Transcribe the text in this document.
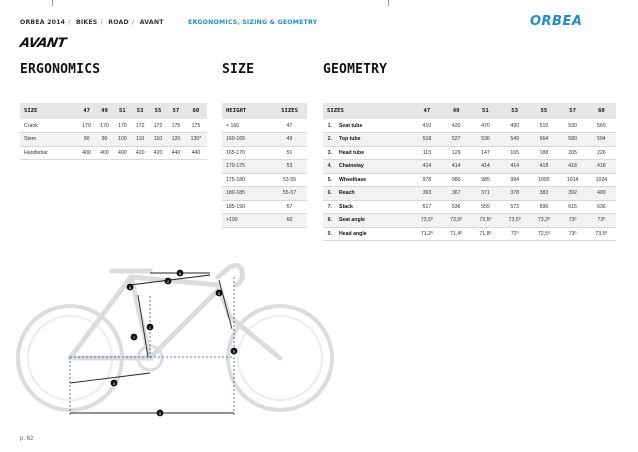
ORBEA 2014 / BIKES / ROAD / AVANT	ERGONOMICS, SIZING & GEOMETRY	ORBEA
AVANT
ERGONOMICS	SIZE	GEOMETRY
SIZE	47	49	51	53	55	57	60
Crank	170	170	170	172	172	175	175
Stem	90	90	100	110	110	120	130*
Handlebar	400	400	400	420	420	440	440
HEIGHT	SIZES
< 160	47
160-165	49
165-170	51
170-175	53
175-180	53-55
180-185	55-57
185-190	57
>190	60
SIZES		47	49	51	53	55	57	60
1.	Seat tube	410	420	470	490	510	530	560
2.	Top tube	518	527	536	549	564	580	594
3.	Head tube	113	129	147	165	188	205	226
4.	Chainstay	414	414	414	414	418	418	418
5.	Wheelbase	978	980	985	994	1005	1014	1024
6.	Reach	363	367	371	378	383	392	400
7.	Stack	517	536	555	573	596	615	636
8.	Seat angle	73,5º	73,5º	73,5º	73,5º	73,2º	73º	73º
9.	Head angle	71,2º	71,4º	71,8º	72º	72,5º	73º	73,5º
1
2
3
4
5
6
7
8
9
p. 62
